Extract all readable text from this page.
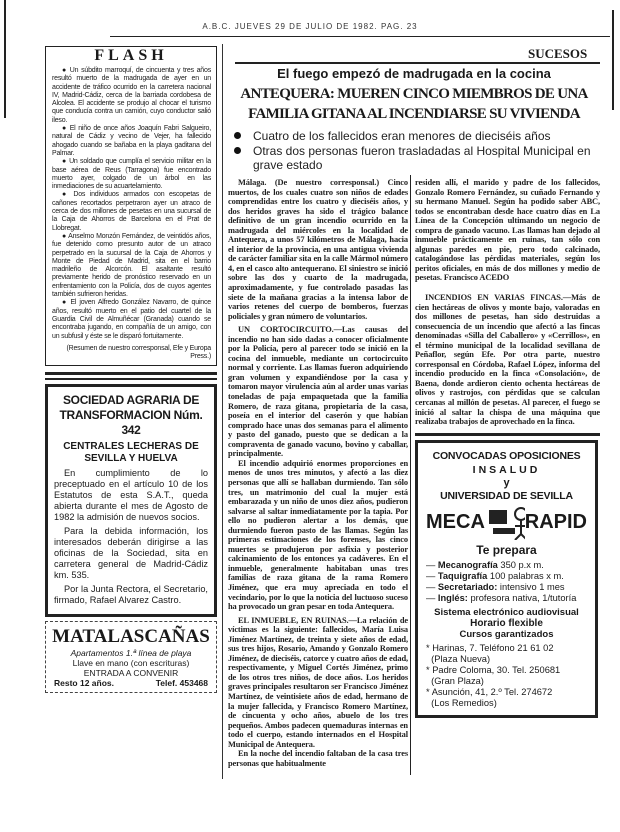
A.B.C. JUEVES 29 DE JULIO DE 1982. PAG. 23
FLASH

● Un súbdito marroquí, de cincuenta y tres años resultó muerto de la madrugada de ayer en un accidente de tráfico ocurrido en la carretera nacional IV, Madrid-Cádiz, cerca de la barriada cordobesa de Alcolea. El accidente se produjo al chocar el turismo que conducía contra un camión, cuyo conductor salió ileso.

● El niño de once años Joaquín Fabri Salgueiro, natural de Cádiz y vecino de Vejer, ha fallecido ahogado cuando se bañaba en la playa gaditana del Palmar.

● Un soldado que cumplía el servicio militar en la base aérea de Reus (Tarragona) fue encontrado muerto ayer, colgado de un árbol en las inmediaciones de su acuartelamiento.

● Dos individuos armados con escopetas de cañones recortados perpetraron ayer un atraco de cerca de dos millones de pesetas en una sucursal de la Caja de Ahorros de Barcelona en el Prat de Llobregat.

● Anselmo Monzón Fernández, de veintidós años, fue detenido como presunto autor de un atraco perpetrado en la sucursal de la Caja de Ahorros y Monte de Piedad de Madrid, sita en el barrio madrileño de Alcorcón. El asaltante resultó previamente herido de pronóstico reservado en un enfrentamiento con la Policía, dos de cuyos agentes también sufrieron heridas.

● El joven Alfredo González Navarro, de quince años, resultó muerto en el patio del cuartel de la Guardia Civil de Almuñécar (Granada) cuando se encontraba jugando, en compañía de un amigo, con un subfusil y éste se le disparó fortuitamente.

(Resumen de nuestro corresponsal, Efe y Europa Press.)

SOCIEDAD AGRARIA DE
TRANSFORMACION Núm. 342
CENTRALES LECHERAS DE SEVILLA Y HUELVA

En cumplimiento de lo preceptuado en el artículo 10 de los Estatutos de esta S.A.T., queda abierta durante el mes de Agosto de 1982 la admisión de nuevos socios.

Para la debida información, los interesados deberán dirigirse a las oficinas de la Sociedad, sita en carretera general de Madrid-Cádiz km. 535.

Por la Junta Rectora, el Secretario, firmado, Rafael Alvarez Castro.

MATALASCAÑAS
Apartamentos 1.ª línea de playa
Llave en mano (con escrituras)
ENTRADA A CONVENIR
Resto 12 años.	Telef. 453468
SUCESOS
El fuego empezó de madrugada en la cocina
ANTEQUERA: MUEREN CINCO MIEMBROS DE UNA
FAMILIA GITANA AL INCENDIARSE SU VIVIENDA
Cuatro de los fallecidos eran menores de dieciséis años
Otras dos personas fueron trasladadas al Hospital Municipal en grave estado

Málaga. (De nuestro corresponsal.) Cinco muertos, de los cuales cuatro son niños de edades comprendidas entre los cuatro y dieciséis años, y dos heridos graves ha sido el trágico balance definitivo de un gran incendio ocurrido en la madrugada del miércoles en la localidad de Antequera, a unos 57 kilómetros de Málaga, hacia el interior de la provincia, en una antigua vivienda de carácter familiar sita en la calle Mármol número 4, en el casco alto antequerano. El siniestro se inició sobre las dos y cuarto de la madrugada, aproximadamente, y fue controlado pasadas las siete de la mañana gracias a la intensa labor de varios retenes del cuerpo de bomberos, fuerzas policiales y gran número de voluntarios.

UN CORTOCIRCUITO.—Las causas del incendio no han sido dadas a conocer oficialmente por la Policía, pero al parecer todo se inició en la cocina del inmueble, mediante un cortocircuito normal y corriente. Las llamas fueron adquiriendo gran volumen y expandiéndose por la casa y tomaron mayor virulencia aún al arder unas varias toneladas de paja empaquetada que la familia Romero, de raza gitana, propietaria de la casa, poseía en el interior del caserón y que habían comprado hace unas dos semanas para el alimento y pasto del ganado, puesto que se dedican a la compraventa de ganado vacuno, bovino y caballar, principalmente.

El incendio adquirió enormes proporciones en menos de unos tres minutos, y afectó a las diez personas que allí se hallaban durmiendo. Tan sólo tres, un matrimonio del cual la mujer está embarazada y un niño de unos diez años, pudieron salvarse al saltar inmediatamente por la tapia. Por ello no pudieron alertar a los demás, que durmiendo fueron pasto de las llamas. Según las primeras estimaciones de los forenses, las cinco muertes se produjeron por asfixia y posterior calcinamiento de los entonces ya cadáveres. En el inmueble, generalmente habitaban unas tres familias de raza gitana de la rama Romero Jiménez, que era muy apreciada en todo el vecindario, por lo que la noticia del luctuoso suceso ha provocado un gran pesar en toda Antequera.

EL INMUEBLE, EN RUINAS.—La relación de víctimas es la siguiente: fallecidos, María Luisa Jiménez Martínez, de treinta y siete años de edad, sus tres hijos, Rosario, Amando y Gonzalo Romero Jiménez, de dieciséis, catorce y cuatro años de edad, respectivamente, y Miguel Cortés Jiménez, primo de los otros tres niños, de doce años. Los heridos graves principales resultaron ser Francisco Jiménez Martínez, de veintisiete años de edad, hermano de la mujer fallecida, y Francisco Romero Martínez, de cincuenta y ocho años, abuelo de los tres pequeños. Ambos padecen quemaduras internas en todo el cuerpo, estando internados en el Hospital Municipal de Antequera.

En la noche del incendio faltaban de la casa tres personas que habitualmente

residen allí, el marido y padre de los fallecidos, Gonzalo Romero Fernández, su cuñado Fernando y su hermano Manuel. Según ha podido saber ABC, todos se encontraban desde hace cuatro días en La Línea de la Concepción ultimando un negocio de compra de ganado vacuno. Las llamas han dejado al inmueble prácticamente en ruinas, tan sólo con algunas paredes en pie, pero todo calcinado, catalogándose las pérdidas materiales, según los peritos oficiales, en más de dos millones y medio de pesetas. Francisco ACEDO

INCENDIOS EN VARIAS FINCAS.—Más de cien hectáreas de olivos y monte bajo, valoradas en dos millones de pesetas, han sido destruidas a consecuencia de un incendio que afectó a las fincas denominadas «Silla del Caballero» y «Cerrillos», en el término municipal de la localidad sevillana de Peñaflor, según Efe. Por otra parte, nuestro corresponsal en Córdoba, Rafael López, informa del incendio producido en la finca «Consolación», de Baena, donde ardieron ciento ochenta hectáreas de olivos y rastrojos, con pérdidas que se calculan cercanas al millón de pesetas. Al parecer, el fuego se inició al saltar la chispa de una máquina que realizaba trabajos de aprovechado en la finca.

CONVOCADAS OPOSICIONES
INSALUD
y
UNIVERSIDAD DE SEVILLA
MECA RAPID
Te prepara
— Mecanografía 350 p.x m.
— Taquigrafía 100 palabras x m.
— Secretariado: intensivo 1 mes
— Inglés: profesora nativa, 1/tutoría
Sistema electrónico audiovisual
Horario flexible
Cursos garantizados
* Harinas, 7. Teléfono 21 61 02
(Plaza Nueva)
* Padre Coloma, 30. Tel. 250681
(Gran Plaza)
* Asunción, 41, 2.º Tel. 274672
(Los Remedios)
